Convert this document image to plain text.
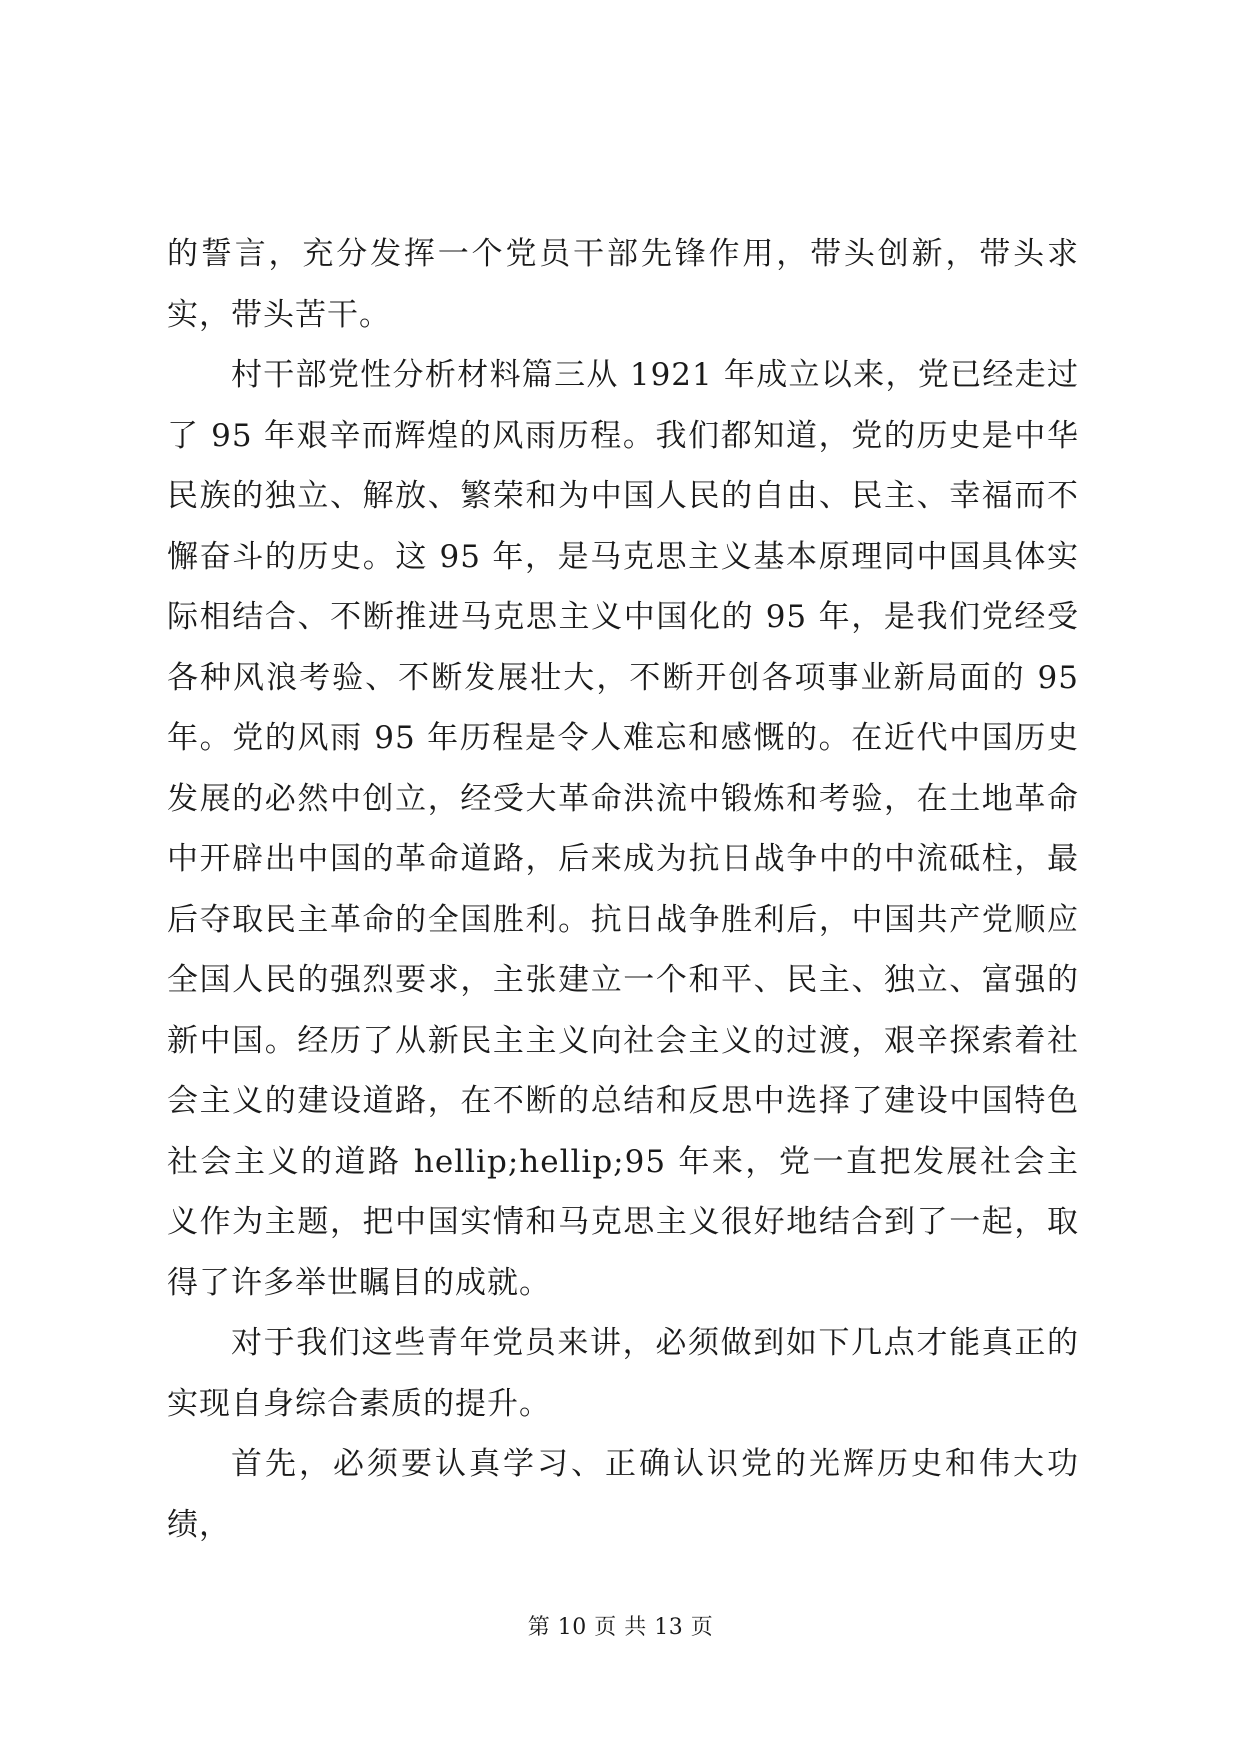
的誓言，充分发挥一个党员干部先锋作用，带头创新，带头求实，带头苦干。

村干部党性分析材料篇三从 1921 年成立以来，党已经走过了 95 年艰辛而辉煌的风雨历程。我们都知道，党的历史是中华民族的独立、解放、繁荣和为中国人民的自由、民主、幸福而不懈奋斗的历史。这 95 年，是马克思主义基本原理同中国具体实际相结合、不断推进马克思主义中国化的 95 年，是我们党经受各种风浪考验、不断发展壮大，不断开创各项事业新局面的 95 年。党的风雨 95 年历程是令人难忘和感慨的。在近代中国历史发展的必然中创立，经受大革命洪流中锻炼和考验，在土地革命中开辟出中国的革命道路，后来成为抗日战争中的中流砥柱，最后夺取民主革命的全国胜利。抗日战争胜利后，中国共产党顺应全国人民的强烈要求，主张建立一个和平、民主、独立、富强的新中国。经历了从新民主主义向社会主义的过渡，艰辛探索着社会主义的建设道路，在不断的总结和反思中选择了建设中国特色社会主义的道路 hellip;hellip;95 年来，党一直把发展社会主义作为主题，把中国实情和马克思主义很好地结合到了一起，取得了许多举世瞩目的成就。

对于我们这些青年党员来讲，必须做到如下几点才能真正的实现自身综合素质的提升。

首先，必须要认真学习、正确认识党的光辉历史和伟大功绩，

第 10 页 共 13 页
